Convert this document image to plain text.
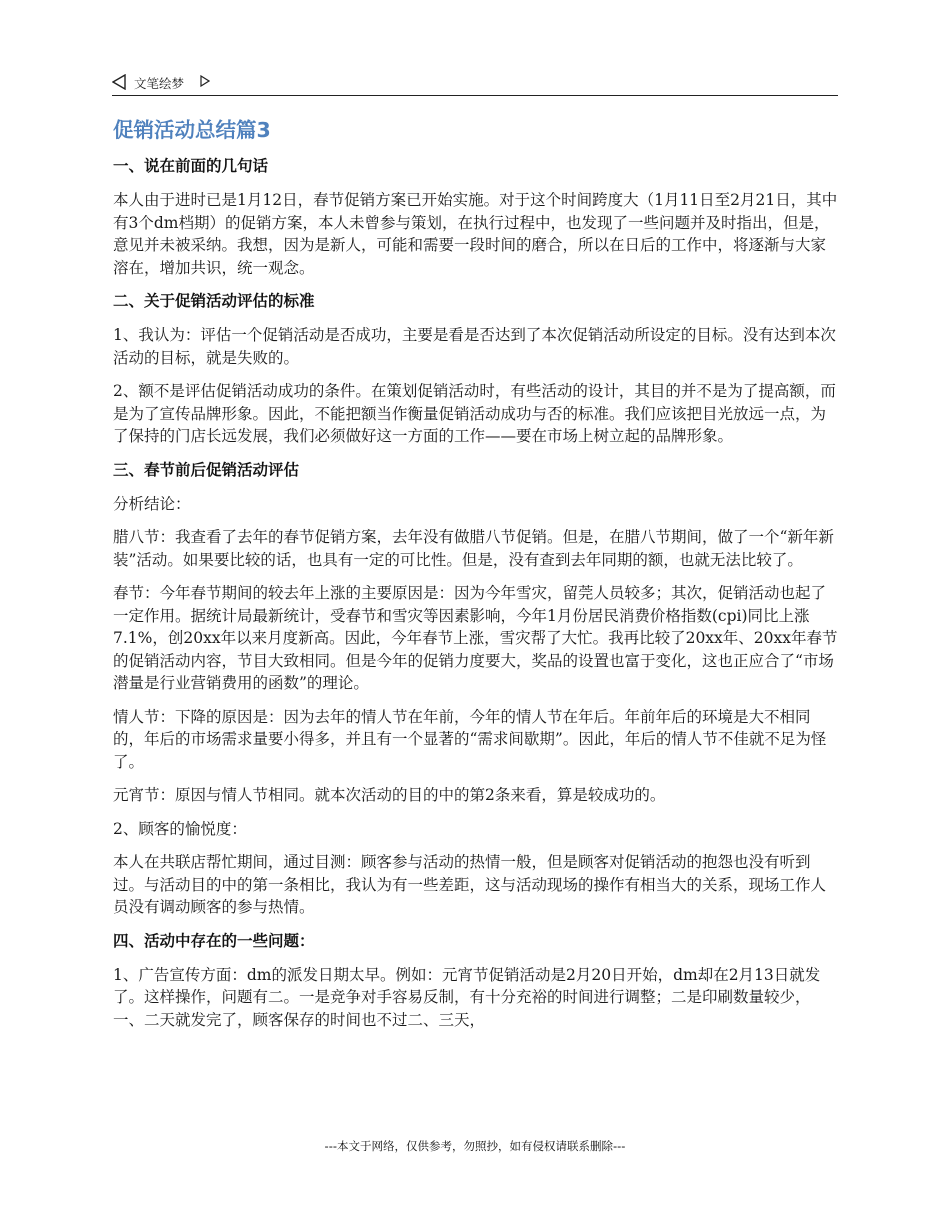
文笔绘梦
促销活动总结篇3
一、说在前面的几句话

本人由于进时已是1月12日，春节促销方案已开始实施。对于这个时间跨度大（1月11日至2月21日，其中有3个dm档期）的促销方案，本人未曾参与策划，在执行过程中，也发现了一些问题并及时指出，但是，意见并未被采纳。我想，因为是新人，可能和需要一段时间的磨合，所以在日后的工作中，将逐渐与大家溶在，增加共识，统一观念。

二、关于促销活动评估的标准

1、我认为：评估一个促销活动是否成功，主要是看是否达到了本次促销活动所设定的目标。没有达到本次活动的目标，就是失败的。

2、额不是评估促销活动成功的条件。在策划促销活动时，有些活动的设计，其目的并不是为了提高额，而是为了宣传品牌形象。因此，不能把额当作衡量促销活动成功与否的标准。我们应该把目光放远一点，为了保持的门店长远发展，我们必须做好这一方面的工作——要在市场上树立起的品牌形象。

三、春节前后促销活动评估

分析结论：

腊八节：我查看了去年的春节促销方案，去年没有做腊八节促销。但是，在腊八节期间，做了一个“新年新装”活动。如果要比较的话，也具有一定的可比性。但是，没有查到去年同期的额，也就无法比较了。

春节：今年春节期间的较去年上涨的主要原因是：因为今年雪灾，留莞人员较多；其次，促销活动也起了一定作用。据统计局最新统计，受春节和雪灾等因素影响，今年1月份居民消费价格指数(cpi)同比上涨7.1%，创20xx年以来月度新高。因此，今年春节上涨，雪灾帮了大忙。我再比较了20xx年、20xx年春节的促销活动内容，节目大致相同。但是今年的促销力度要大，奖品的设置也富于变化，这也正应合了“市场潜量是行业营销费用的函数”的理论。

情人节：下降的原因是：因为去年的情人节在年前，今年的情人节在年后。年前年后的环境是大不相同的，年后的市场需求量要小得多，并且有一个显著的“需求间歇期”。因此，年后的情人节不佳就不足为怪了。

元宵节：原因与情人节相同。就本次活动的目的中的第2条来看，算是较成功的。

2、顾客的愉悦度：

本人在共联店帮忙期间，通过目测：顾客参与活动的热情一般，但是顾客对促销活动的抱怨也没有听到过。与活动目的中的第一条相比，我认为有一些差距，这与活动现场的操作有相当大的关系，现场工作人员没有调动顾客的参与热情。

四、活动中存在的一些问题：

1、广告宣传方面：dm的派发日期太早。例如：元宵节促销活动是2月20日开始，dm却在2月13日就发了。这样操作，问题有二。一是竞争对手容易反制，有十分充裕的时间进行调整；二是印刷数量较少，一、二天就发完了，顾客保存的时间也不过二、三天，

---本文于网络，仅供参考，勿照抄，如有侵权请联系删除---
